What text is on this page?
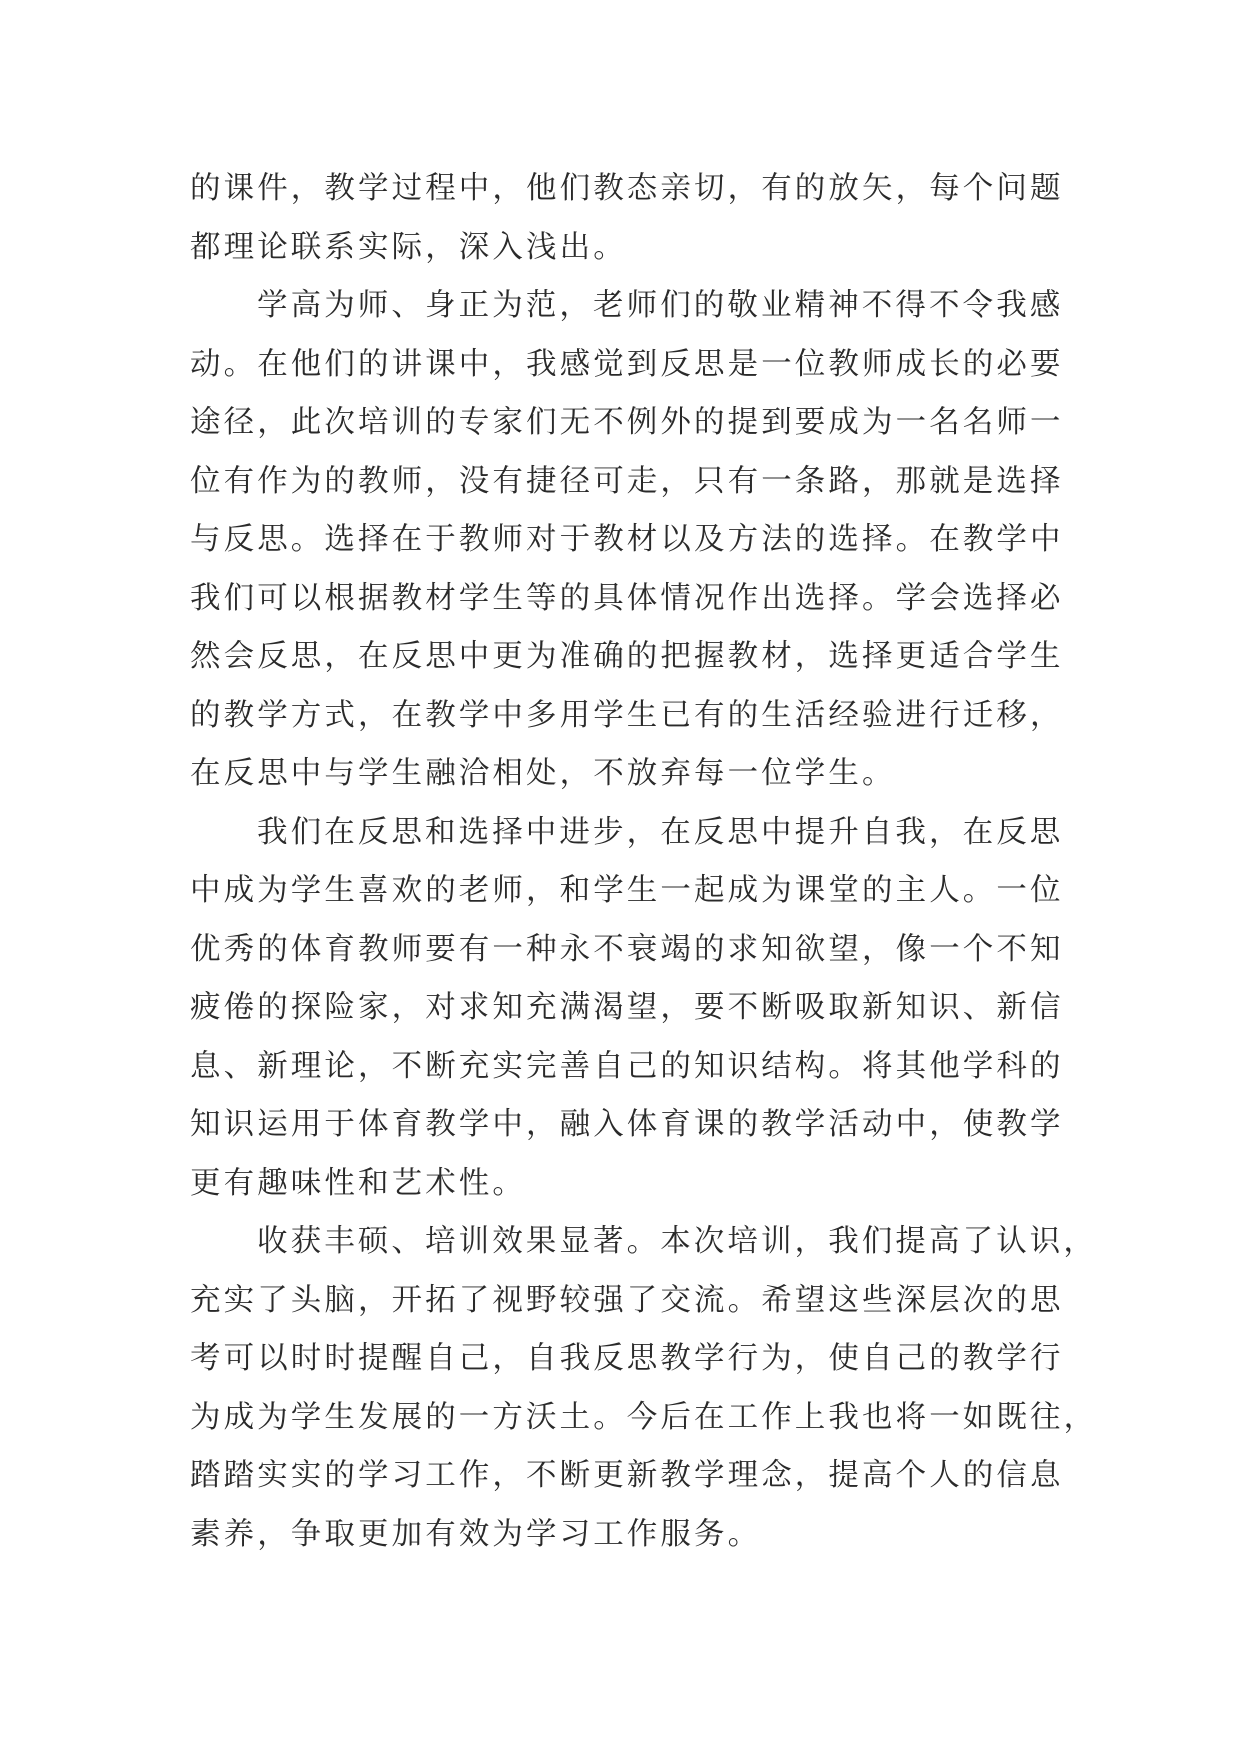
的课件，教学过程中，他们教态亲切，有的放矢，每个问题
都理论联系实际，深入浅出。

学高为师、身正为范，老师们的敬业精神不得不令我感
动。在他们的讲课中，我感觉到反思是一位教师成长的必要
途径，此次培训的专家们无不例外的提到要成为一名名师一
位有作为的教师，没有捷径可走，只有一条路，那就是选择
与反思。选择在于教师对于教材以及方法的选择。在教学中
我们可以根据教材学生等的具体情况作出选择。学会选择必
然会反思，在反思中更为准确的把握教材，选择更适合学生
的教学方式，在教学中多用学生已有的生活经验进行迁移，
在反思中与学生融洽相处，不放弃每一位学生。

我们在反思和选择中进步，在反思中提升自我，在反思
中成为学生喜欢的老师，和学生一起成为课堂的主人。一位
优秀的体育教师要有一种永不衰竭的求知欲望，像一个不知
疲倦的探险家，对求知充满渴望，要不断吸取新知识、新信
息、新理论，不断充实完善自己的知识结构。将其他学科的
知识运用于体育教学中，融入体育课的教学活动中，使教学
更有趣味性和艺术性。

收获丰硕、培训效果显著。本次培训，我们提高了认识，
充实了头脑，开拓了视野较强了交流。希望这些深层次的思
考可以时时提醒自己，自我反思教学行为，使自己的教学行
为成为学生发展的一方沃土。今后在工作上我也将一如既往，
踏踏实实的学习工作，不断更新教学理念，提高个人的信息
素养，争取更加有效为学习工作服务。
